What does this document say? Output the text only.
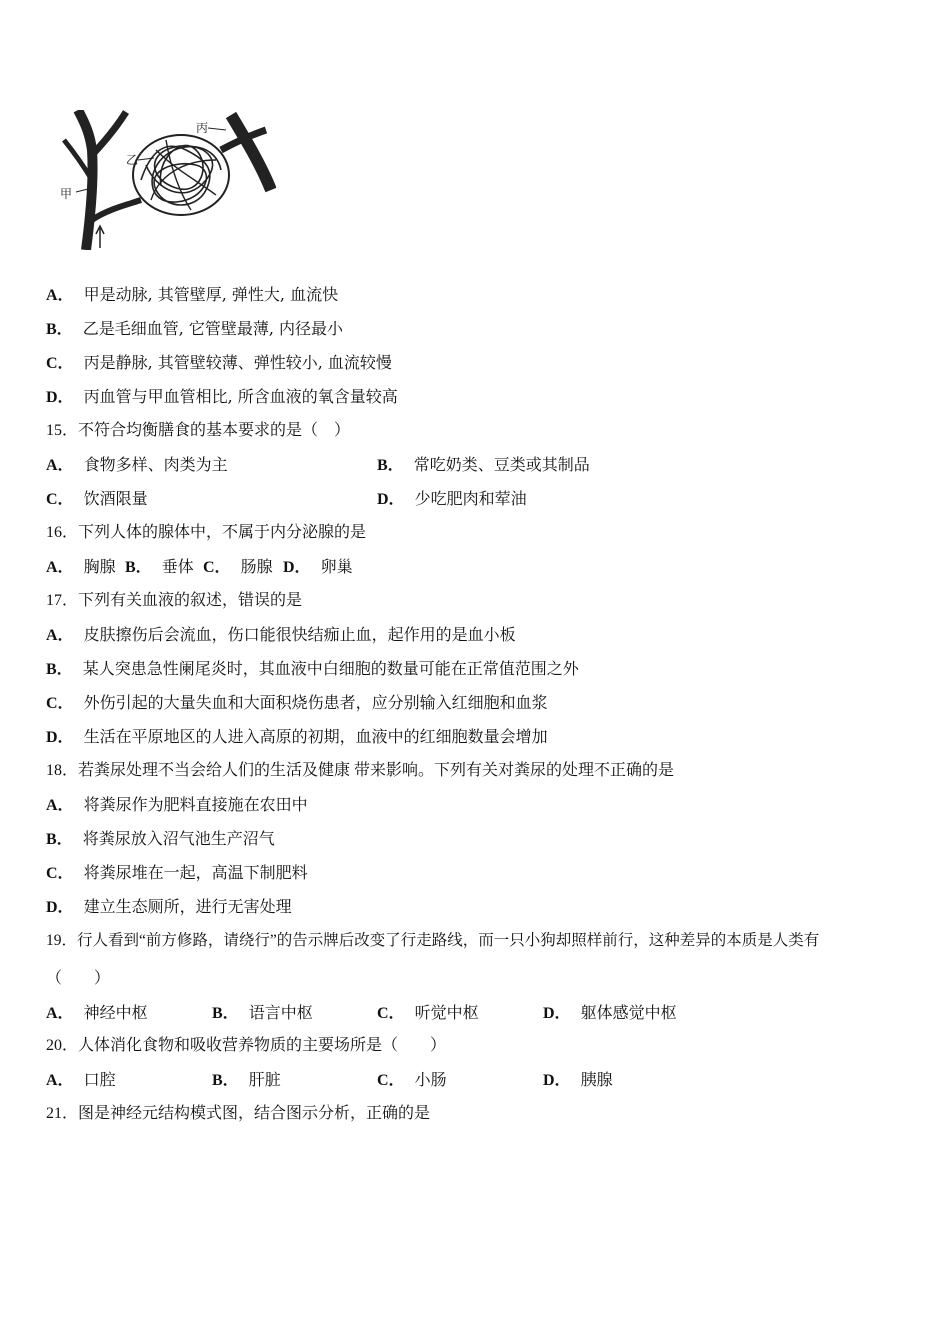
甲
乙
丙
A． 甲是动脉, 其管壁厚, 弹性大, 血流快
B． 乙是毛细血管, 它管壁最薄, 内径最小
C． 丙是静脉, 其管壁较薄、弹性较小, 血流较慢
D． 丙血管与甲血管相比, 所含血液的氧含量较高
15．不符合均衡膳食的基本要求的是（　）
A． 食物多样、肉类为主	B． 常吃奶类、豆类或其制品
C． 饮酒限量	D． 少吃肥肉和荤油
16．下列人体的腺体中，不属于内分泌腺的是
A． 胸腺 B． 垂体 C． 肠腺 D． 卵巢
17．下列有关血液的叙述，错误的是
A． 皮肤擦伤后会流血，伤口能很快结痂止血，起作用的是血小板
B． 某人突患急性阑尾炎时，其血液中白细胞的数量可能在正常值范围之外
C． 外伤引起的大量失血和大面积烧伤患者，应分别输入红细胞和血浆
D． 生活在平原地区的人进入高原的初期，血液中的红细胞数量会增加
18．若粪尿处理不当会给人们的生活及健康 带来影响。下列有关对粪尿的处理不正确的是
A． 将粪尿作为肥料直接施在农田中
B． 将粪尿放入沼气池生产沼气
C． 将粪尿堆在一起，高温下制肥料
D． 建立生态厕所，进行无害处理
19．行人看到“前方修路，请绕行”的告示牌后改变了行走路线，而一只小狗却照样前行，这种差异的本质是人类有
（　　）
A． 神经中枢	B． 语言中枢	C． 听觉中枢	D． 躯体感觉中枢
20．人体消化食物和吸收营养物质的主要场所是（　　）
A． 口腔	B． 肝脏	C． 小肠	D． 胰腺
21．图是神经元结构模式图，结合图示分析，正确的是
